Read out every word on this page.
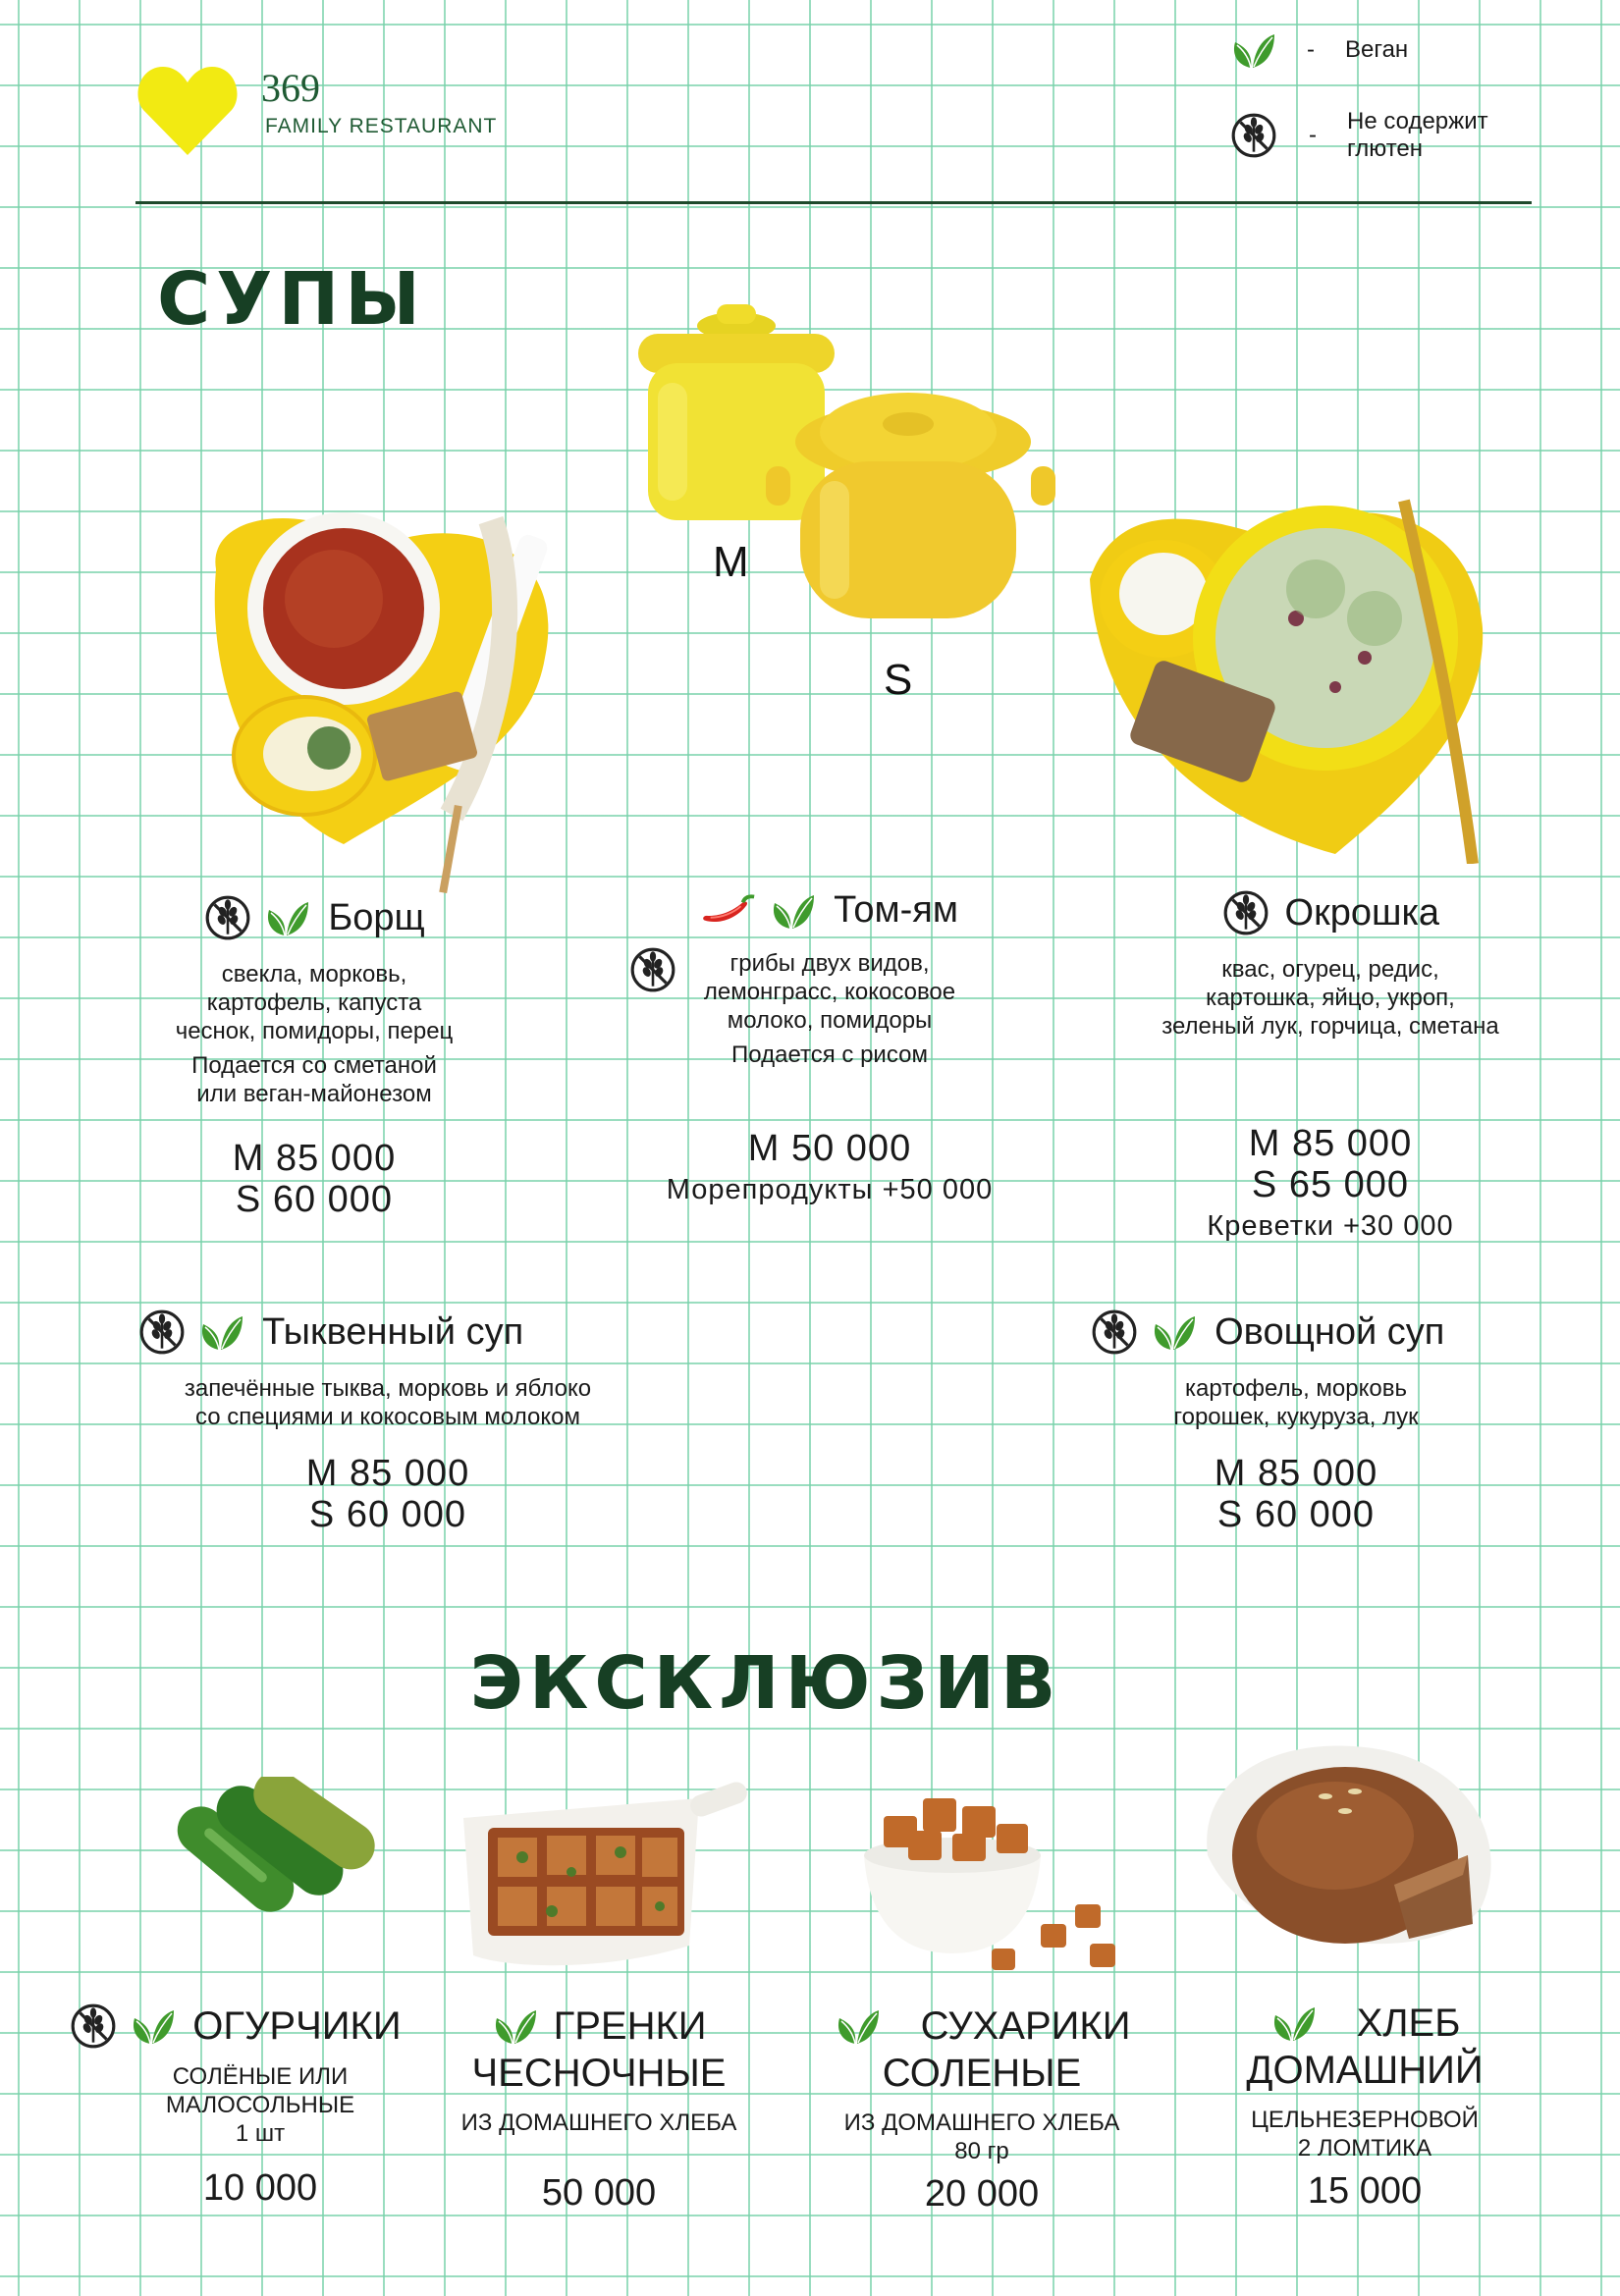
369
FAMILY RESTAURANT
-	Веган
-
Не содержит
глютен
СУПЫ
M
S
Борщ
свекла, морковь,
картофель, капуста
чеснок, помидоры, перец
Подается со сметаной
или веган-майонезом
M 85 000
S 60 000
Том-ям
грибы двух видов,
лемонграсс, кокосовое
молоко, помидоры
Подается с рисом
M 50 000
Морепродукты +50 000
Окрошка
квас, огурец, редис,
картошка, яйцо, укроп,
зеленый лук, горчица, сметана
M 85 000
S 65 000
Креветки +30 000
Тыквенный суп
запечённые тыква, морковь и яблоко
со специями и кокосовым молоком
M 85 000
S 60 000
Овощной суп
картофель, морковь
горошек, кукуруза, лук
M 85 000
S 60 000
ЭКСКЛЮЗИВ
ОГУРЧИКИ
СОЛЁНЫЕ ИЛИ
МАЛОСОЛЬНЫЕ
1 шт
10 000
ГРЕНКИ
ЧЕСНОЧНЫЕ
ИЗ ДОМАШНЕГО ХЛЕБА
50 000
СУХАРИКИ
СОЛЕНЫЕ
ИЗ ДОМАШНЕГО ХЛЕБА
80 гр
20 000
ХЛЕБ
ДОМАШНИЙ
ЦЕЛЬНЕЗЕРНОВОЙ
2 ЛОМТИКА
15 000
